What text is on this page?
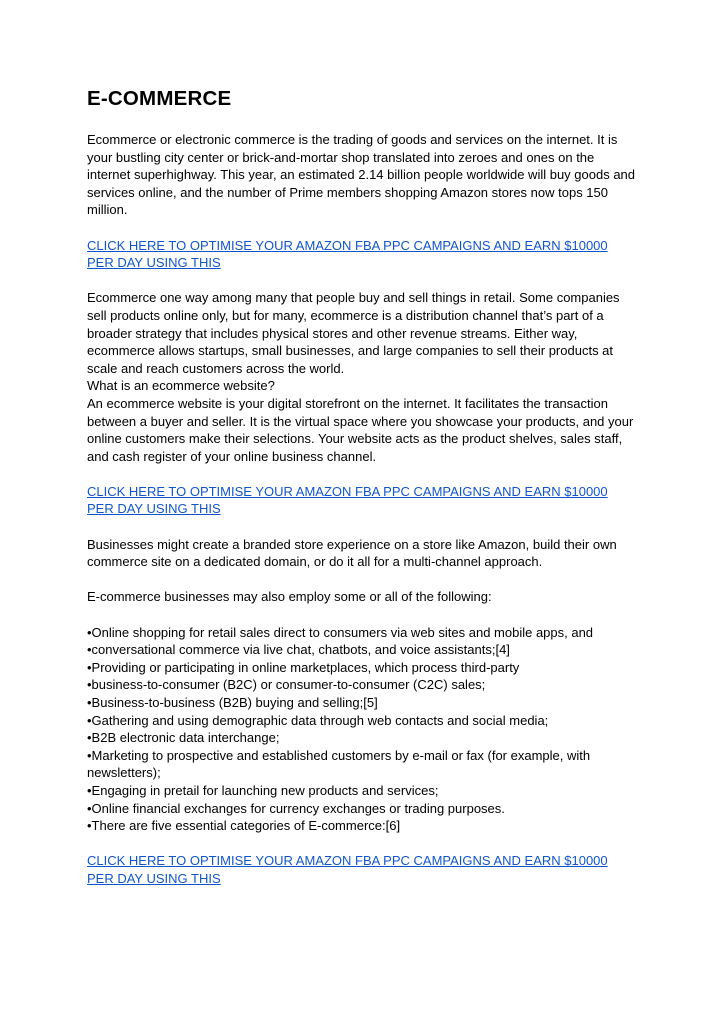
E-COMMERCE

Ecommerce or electronic commerce is the trading of goods and services on the internet. It is your bustling city center or brick-and-mortar shop translated into zeroes and ones on the internet superhighway. This year, an estimated 2.14 billion people worldwide will buy goods and services online, and the number of Prime members shopping Amazon stores now tops 150 million.

CLICK HERE TO OPTIMISE YOUR AMAZON FBA PPC CAMPAIGNS AND EARN $10000 PER DAY USING THIS

Ecommerce one way among many that people buy and sell things in retail. Some companies sell products online only, but for many, ecommerce is a distribution channel that’s part of a broader strategy that includes physical stores and other revenue streams. Either way, ecommerce allows startups, small businesses, and large companies to sell their products at scale and reach customers across the world.

What is an ecommerce website?

An ecommerce website is your digital storefront on the internet. It facilitates the transaction between a buyer and seller. It is the virtual space where you showcase your products, and your online customers make their selections. Your website acts as the product shelves, sales staff, and cash register of your online business channel.

CLICK HERE TO OPTIMISE YOUR AMAZON FBA PPC CAMPAIGNS AND EARN $10000 PER DAY USING THIS

Businesses might create a branded store experience on a store like Amazon, build their own commerce site on a dedicated domain, or do it all for a multi-channel approach.

E-commerce businesses may also employ some or all of the following:

•Online shopping for retail sales direct to consumers via web sites and mobile apps, and
•conversational commerce via live chat, chatbots, and voice assistants;[4]
•Providing or participating in online marketplaces, which process third-party
•business-to-consumer (B2C) or consumer-to-consumer (C2C) sales;
•Business-to-business (B2B) buying and selling;[5]
•Gathering and using demographic data through web contacts and social media;
•B2B electronic data interchange;
•Marketing to prospective and established customers by e-mail or fax (for example, with newsletters);
•Engaging in pretail for launching new products and services;
•Online financial exchanges for currency exchanges or trading purposes.
•There are five essential categories of E-commerce:[6]
CLICK HERE TO OPTIMISE YOUR AMAZON FBA PPC CAMPAIGNS AND EARN $10000 PER DAY USING THIS
